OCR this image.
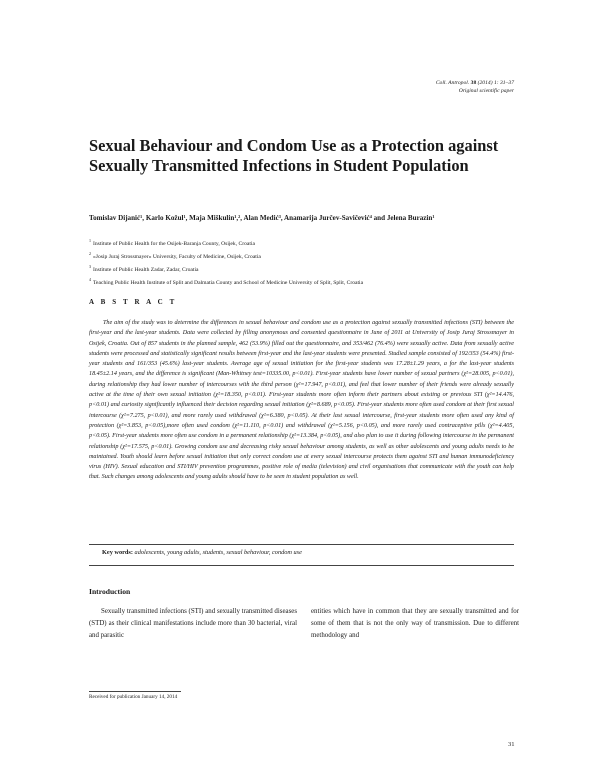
Coll. Antropol. 38 (2014) 1: 31–37
Original scientific paper
Sexual Behaviour and Condom Use as a Protection against Sexually Transmitted Infections in Student Population

Tomislav Dijanić¹, Karlo Kožul¹, Maja Miškulin¹,², Alan Medić³, Anamarija Jurčev-Savičević⁴ and Jelena Burazin¹

$^1$Institute of Public Health for the Osijek-Baranja County, Osijek, Croatia
$^2$»Josip Juraj Strossmayer« University, Faculty of Medicine, Osijek, Croatia
$^3$Institute of Public Health Zadar, Zadar, Croatia
$^4$Teaching Public Health Institute of Split and Dalmatia County and School of Medicine University of Split, Split, Croatia
A B S T R A C T

The aim of the study was to determine the differences in sexual behaviour and condom use as a protection against sexually transmitted infections (STI) between the first-year and the last-year students. Data were collected by filling anonymous and consented questionnaire in June of 2011 at University of Josip Juraj Strossmayer in Osijek, Croatia. Out of 857 students in the planned sample, 462 (53.9%) filled out the questionnaire, and 353/462 (76.4%) were sexually active. Data from sexually active students were processed and statistically significant results between first-year and the last-year students were presented. Studied sample consisted of 192/353 (54.4%) first-year students and 161/353 (45.6%) last-year students. Average age of sexual initiation for the first-year students was 17.28±1.29 years, a for the last-year students 18.45±2.14 years, and the difference is significant (Man-Whitney test=10335.00, p<0.01). First-year students have lower number of sexual partners (χ²=28.005, p<0.01), during relationship they had lower number of intercourses with the third person (χ²=17.947, p<0.01), and feel that lower number of their friends were already sexually active at the time of their own sexual initiation (χ²=18.350, p<0.01). First-year students more often inform their partners about existing or previous STI (χ²=14.476, p<0.01) and curiosity significantly influenced their decision regarding sexual initiation (χ²=8.689, p<0.05). First-year students more often used condom at their first sexual intercourse (χ²=7.275, p<0.01), and more rarely used withdrawal (χ²=6.380, p<0.05). At their last sexual intercourse, first-year students more often used any kind of protection (χ²=3.853, p<0.05),more often used condom (χ²=11.110, p<0.01) and withdrawal (χ²=5.156, p<0.05), and more rarely used contraceptive pills (χ²=4.405, p<0.05). First-year students more often use condom in a permanent relationship (χ²=13.384, p<0.05), and also plan to use it during following intercourse in the permanent relationship (χ²=17.575, p<0.01). Growing condom use and decreasing risky sexual behaviour among students, as well as other adolescents and young adults needs to be maintained. Youth should learn before sexual initiation that only correct condom use at every sexual intercourse protects them against STI and human immunodeficiency virus (HIV). Sexual education and STI/HIV prevention programmes, positive role of media (television) and civil organisations that communicate with the youth can help that. Such changes among adolescents and young adults should have to be seen in student population as well.

Key words: adolescents, young adults, students, sexual behaviour, condom use

Introduction

Sexually transmitted infections (STI) and sexually transmitted diseases (STD) as their clinical manifestations include more than 30 bacterial, viral and parasitic

entities which have in common that they are sexually transmitted and for some of them that is not the only way of transmission. Due to different methodology and

Received for publication January 14, 2014

31
